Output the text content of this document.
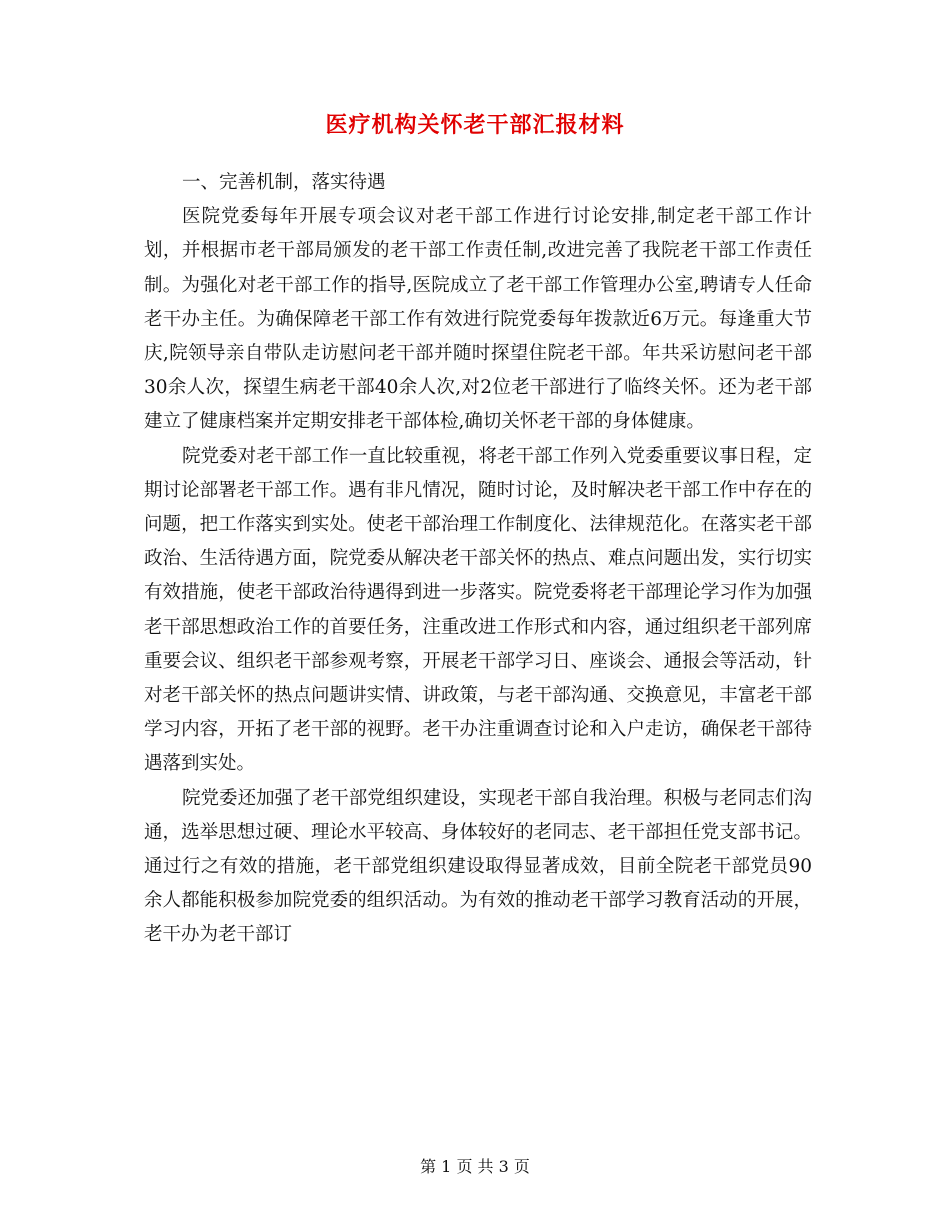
医疗机构关怀老干部汇报材料

一、完善机制，落实待遇

医院党委每年开展专项会议对老干部工作进行讨论安排,制定老干部工作计划，并根据市老干部局颁发的老干部工作责任制,改进完善了我院老干部工作责任制。为强化对老干部工作的指导,医院成立了老干部工作管理办公室,聘请专人任命老干办主任。为确保障老干部工作有效进行院党委每年拨款近6万元。每逢重大节庆,院领导亲自带队走访慰问老干部并随时探望住院老干部。年共采访慰问老干部30余人次，探望生病老干部40余人次,对2位老干部进行了临终关怀。还为老干部建立了健康档案并定期安排老干部体检,确切关怀老干部的身体健康。

院党委对老干部工作一直比较重视，将老干部工作列入党委重要议事日程，定期讨论部署老干部工作。遇有非凡情况，随时讨论，及时解决老干部工作中存在的问题，把工作落实到实处。使老干部治理工作制度化、法律规范化。在落实老干部政治、生活待遇方面，院党委从解决老干部关怀的热点、难点问题出发，实行切实有效措施，使老干部政治待遇得到进一步落实。院党委将老干部理论学习作为加强老干部思想政治工作的首要任务，注重改进工作形式和内容，通过组织老干部列席重要会议、组织老干部参观考察，开展老干部学习日、座谈会、通报会等活动，针对老干部关怀的热点问题讲实情、讲政策，与老干部沟通、交换意见，丰富老干部学习内容，开拓了老干部的视野。老干办注重调查讨论和入户走访，确保老干部待遇落到实处。

院党委还加强了老干部党组织建设，实现老干部自我治理。积极与老同志们沟通，选举思想过硬、理论水平较高、身体较好的老同志、老干部担任党支部书记。通过行之有效的措施，老干部党组织建设取得显著成效，目前全院老干部党员90余人都能积极参加院党委的组织活动。为有效的推动老干部学习教育活动的开展，老干办为老干部订

第 1 页 共 3 页
